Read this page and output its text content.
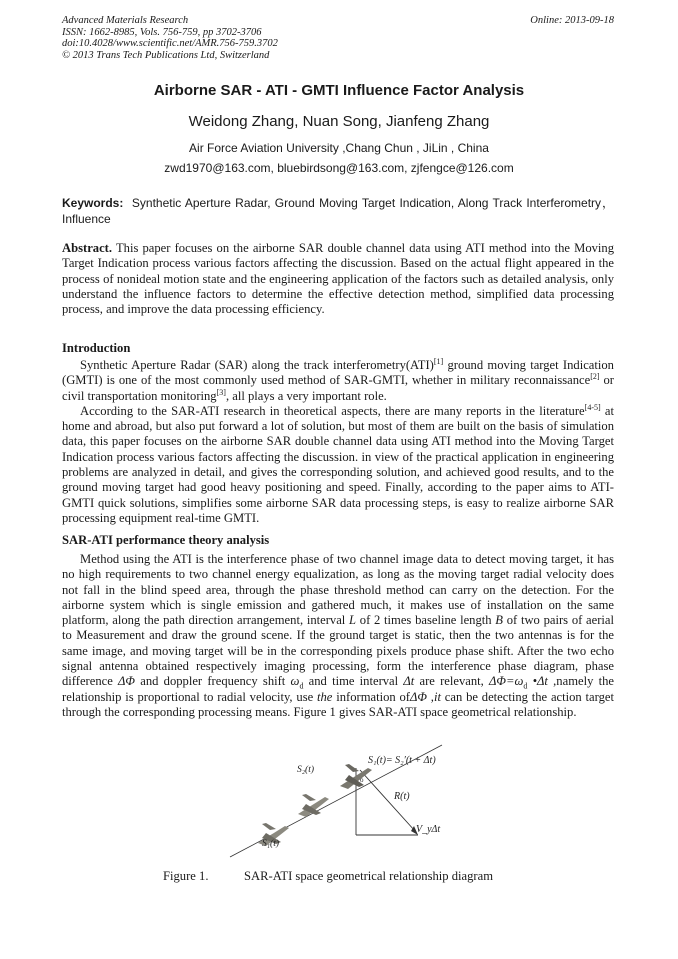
Advanced Materials Research
ISSN: 1662-8985, Vols. 756-759, pp 3702-3706
doi:10.4028/www.scientific.net/AMR.756-759.3702
© 2013 Trans Tech Publications Ltd, Switzerland
Online: 2013-09-18
Airborne SAR - ATI - GMTI Influence Factor Analysis
Weidong Zhang, Nuan Song, Jianfeng Zhang
Air Force Aviation University ,Chang Chun , JiLin , China
zwd1970@163.com, bluebirdsong@163.com, zjfengce@126.com
Keywords: Synthetic Aperture Radar, Ground Moving Target Indication, Along Track Interferometry，Influence

Abstract. This paper focuses on the airborne SAR double channel data using ATI method into the Moving Target Indication process various factors affecting the discussion. Based on the actual flight appeared in the process of nonideal motion state and the engineering application of the factors such as detailed analysis, only understand the influence factors to determine the effective detection method, simplified data processing process, and improve the data processing efficiency.

Introduction

Synthetic Aperture Radar (SAR) along the track interferometry(ATI)[1] ground moving target Indication (GMTI) is one of the most commonly used method of SAR-GMTI, whether in military reconnaissance[2] or civil transportation monitoring[3], all plays a very important role.

According to the SAR-ATI research in theoretical aspects, there are many reports in the literature[4-5] at home and abroad, but also put forward a lot of solution, but most of them are built on the basis of simulation data, this paper focuses on the airborne SAR double channel data using ATI method into the Moving Target Indication process various factors affecting the discussion. in view of the practical application in engineering problems are analyzed in detail, and gives the corresponding solution, and achieved good results, and to the ground moving target had good heavy positioning and speed. Finally, according to the paper aims to ATI-GMTI quick solutions, simplifies some airborne SAR data processing steps, is easy to realize airborne SAR processing equipment real-time GMTI.

SAR-ATI performance theory analysis

Method using the ATI is the interference phase of two channel image data to detect moving target, it has no high requirements to two channel energy equalization, as long as the moving target radial velocity does not fall in the blind speed area, through the phase threshold method can carry on the detection. For the airborne system which is single emission and gathered much, it makes use of installation on the same platform, along the path direction arrangement, interval L of 2 times baseline length B of two pairs of aerial to Measurement and draw the ground scene. If the ground target is static, then the two antennas is for the same image, and moving target will be in the corresponding pixels produce phase shift. After the two echo signal antenna obtained respectively imaging processing, form the interference phase diagram, phase difference ΔΦ and doppler frequency shift $\omega_d$ and time interval Δt are relevant, $\Delta\Phi=\omega_d$ •Δt ,namely the relationship is proportional to radial velocity, use the information ofΔΦ ,it can be detecting the action target through the corresponding processing means. Figure 1 gives SAR-ATI space geometrical relationship.

S₁(t)
S₂(t)
S₁(t)= S₂′(t + Δt)
o
R(t)
V_yΔt
Figure 1.	SAR-ATI space geometrical relationship diagram
